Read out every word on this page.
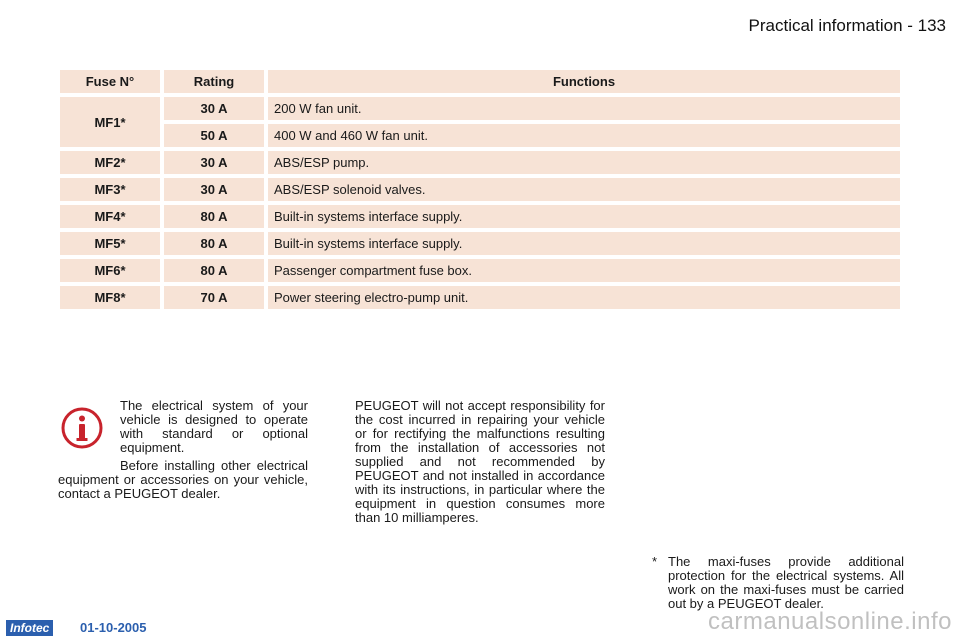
Practical information - 133
Fuse N°	Rating	Functions
MF1*	30 A	200 W fan unit.
	50 A	400 W and 460 W fan unit.
MF2*	30 A	ABS/ESP pump.
MF3*	30 A	ABS/ESP solenoid valves.
MF4*	80 A	Built-in systems interface supply.
MF5*	80 A	Built-in systems interface supply.
MF6*	80 A	Passenger compartment fuse box.
MF8*	70 A	Power steering electro-pump unit.

The electrical system of your vehicle is designed to operate with standard or optional equipment.

Before installing other electrical equipment or accessories on your vehicle, contact a PEUGEOT dealer.

PEUGEOT will not accept responsibility for the cost incurred in repairing your vehicle or for rectifying the malfunctions resulting from the installation of accessories not supplied and not recommended by PEUGEOT and not installed in accordance with its instructions, in particular where the equipment in question consumes more than 10 milliamperes.

* The maxi-fuses provide additional protection for the electrical systems. All work on the maxi-fuses must be carried out by a PEUGEOT dealer.
Infotec	01-10-2005	carmanualsonline.info
